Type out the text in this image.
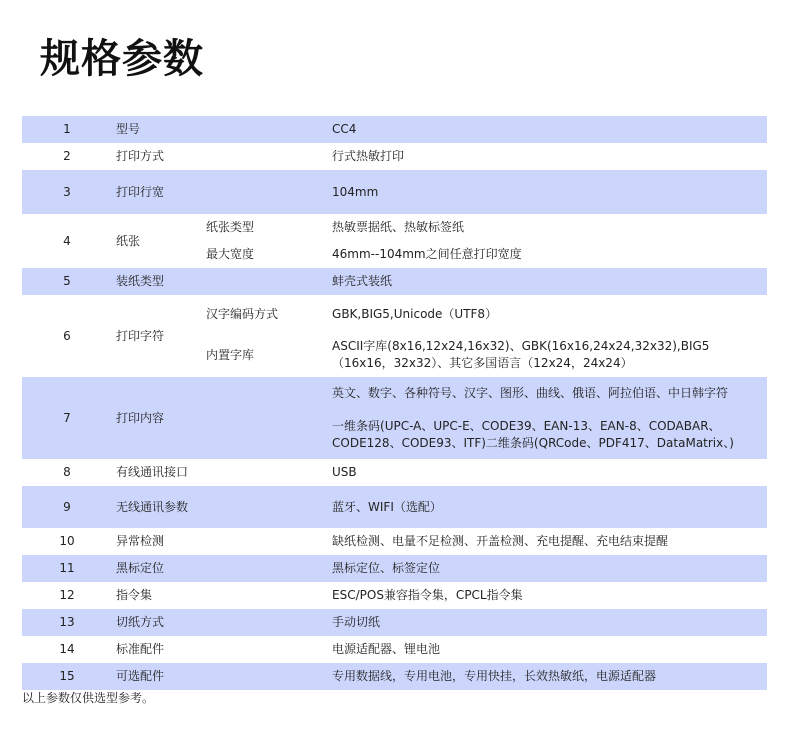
规格参数
1	型号		CC4
2	打印方式		行式热敏打印
3	打印行宽		104mm
4	纸张	纸张类型	热敏票据纸、热敏标签纸
		最大宽度	46mm--104mm之间任意打印宽度
5	装纸类型		蚌壳式装纸
6	打印字符	汉字编码方式	GBK,BIG5,Unicode（UTF8）
		内置字库	ASCII字库(8x16,12x24,16x32)、GBK(16x16,24x24,32x32),BIG5（16x16，32x32）、其它多国语言（12x24，24x24）
7	打印内容		英文、数字、各种符号、汉字、图形、曲线、俄语、阿拉伯语、中日韩字符
一维条码(UPC-A、UPC-E、CODE39、EAN-13、EAN-8、CODABAR、CODE128、CODE93、ITF)二维条码(QRCode、PDF417、DataMatrix、)

8	有线通讯接口		USB
9	无线通讯参数		蓝牙、WIFI（选配）
10	异常检测		缺纸检测、电量不足检测、开盖检测、充电提醒、充电结束提醒
11	黑标定位		黑标定位、标签定位
12	指令集		ESC/POS兼容指令集，CPCL指令集
13	切纸方式		手动切纸
14	标准配件		电源适配器、锂电池
15	可选配件		专用数据线，专用电池，专用快挂，长效热敏纸，电源适配器

以上参数仅供选型参考。
